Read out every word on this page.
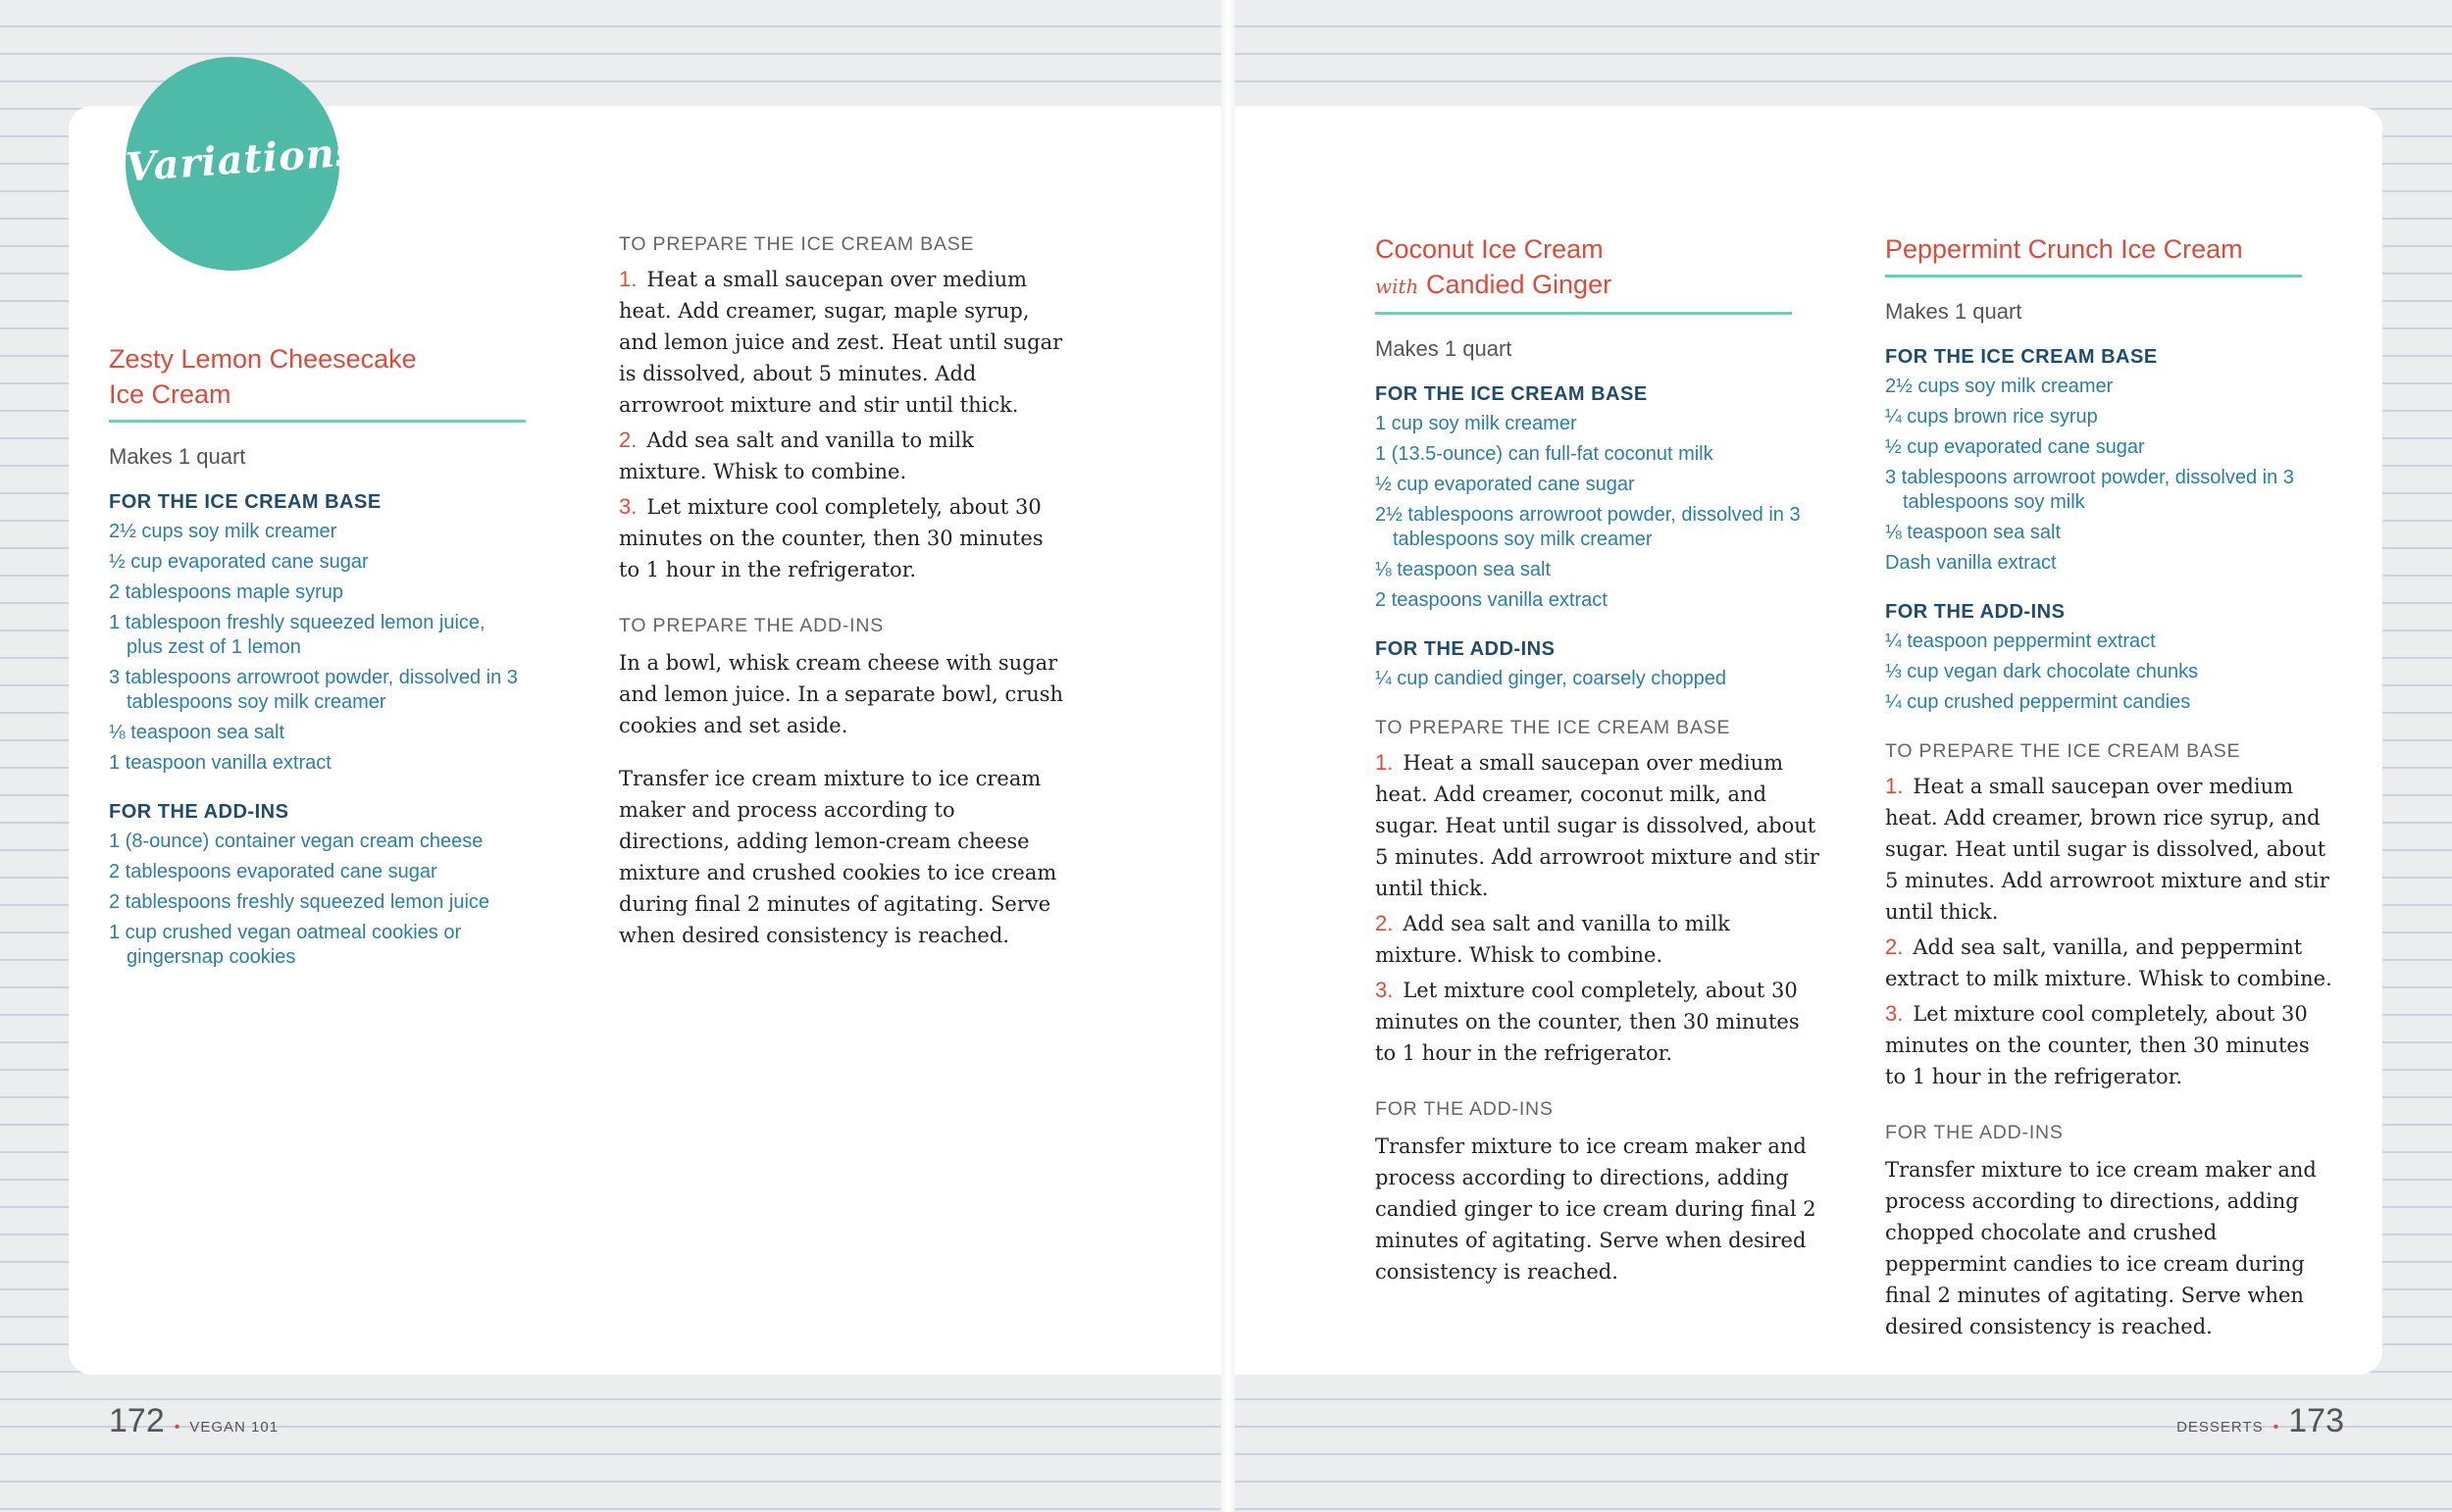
Variations
Zesty Lemon Cheesecake
Ice Cream
Makes 1 quart
FOR THE ICE CREAM BASE
2½ cups soy milk creamer
½ cup evaporated cane sugar
2 tablespoons maple syrup
1 tablespoon freshly squeezed lemon juice, plus zest of 1 lemon
3 tablespoons arrowroot powder, dissolved in 3 tablespoons soy milk creamer
⅛ teaspoon sea salt
1 teaspoon vanilla extract
FOR THE ADD-INS
1 (8-ounce) container vegan cream cheese
2 tablespoons evaporated cane sugar
2 tablespoons freshly squeezed lemon juice
1 cup crushed vegan oatmeal cookies or gingersnap cookies
TO PREPARE THE ICE CREAM BASE
1. Heat a small saucepan over medium heat. Add creamer, sugar, maple syrup, and lemon juice and zest. Heat until sugar is dissolved, about 5 minutes. Add arrowroot mixture and stir until thick.
2. Add sea salt and vanilla to milk mixture. Whisk to combine.
3. Let mixture cool completely, about 30 minutes on the counter, then 30 minutes to 1 hour in the refrigerator.
TO PREPARE THE ADD-INS

In a bowl, whisk cream cheese with sugar and lemon juice. In a separate bowl, crush cookies and set aside.

Transfer ice cream mixture to ice cream maker and process according to directions, adding lemon-cream cheese mixture and crushed cookies to ice cream during final 2 minutes of agitating. Serve when desired consistency is reached.

Coconut Ice Cream
with Candied Ginger
Makes 1 quart
FOR THE ICE CREAM BASE
1 cup soy milk creamer
1 (13.5-ounce) can full-fat coconut milk
½ cup evaporated cane sugar
2½ tablespoons arrowroot powder, dissolved in 3 tablespoons soy milk creamer
⅛ teaspoon sea salt
2 teaspoons vanilla extract
FOR THE ADD-INS
¼ cup candied ginger, coarsely chopped
TO PREPARE THE ICE CREAM BASE
1. Heat a small saucepan over medium heat. Add creamer, coconut milk, and sugar. Heat until sugar is dissolved, about 5 minutes. Add arrowroot mixture and stir until thick.
2. Add sea salt and vanilla to milk mixture. Whisk to combine.
3. Let mixture cool completely, about 30 minutes on the counter, then 30 minutes to 1 hour in the refrigerator.
FOR THE ADD-INS

Transfer mixture to ice cream maker and process according to directions, adding candied ginger to ice cream during final 2 minutes of agitating. Serve when desired consistency is reached.

Peppermint Crunch Ice Cream
Makes 1 quart
FOR THE ICE CREAM BASE
2½ cups soy milk creamer
¼ cups brown rice syrup
½ cup evaporated cane sugar
3 tablespoons arrowroot powder, dissolved in 3 tablespoons soy milk
⅛ teaspoon sea salt
Dash vanilla extract
FOR THE ADD-INS
¼ teaspoon peppermint extract
⅓ cup vegan dark chocolate chunks
¼ cup crushed peppermint candies
TO PREPARE THE ICE CREAM BASE
1. Heat a small saucepan over medium heat. Add creamer, brown rice syrup, and sugar. Heat until sugar is dissolved, about 5 minutes. Add arrowroot mixture and stir until thick.
2. Add sea salt, vanilla, and peppermint extract to milk mixture. Whisk to combine.
3. Let mixture cool completely, about 30 minutes on the counter, then 30 minutes to 1 hour in the refrigerator.
FOR THE ADD-INS

Transfer mixture to ice cream maker and process according to directions, adding chopped chocolate and crushed peppermint candies to ice cream during final 2 minutes of agitating. Serve when desired consistency is reached.

172 • VEGAN 101	DESSERTS • 173
